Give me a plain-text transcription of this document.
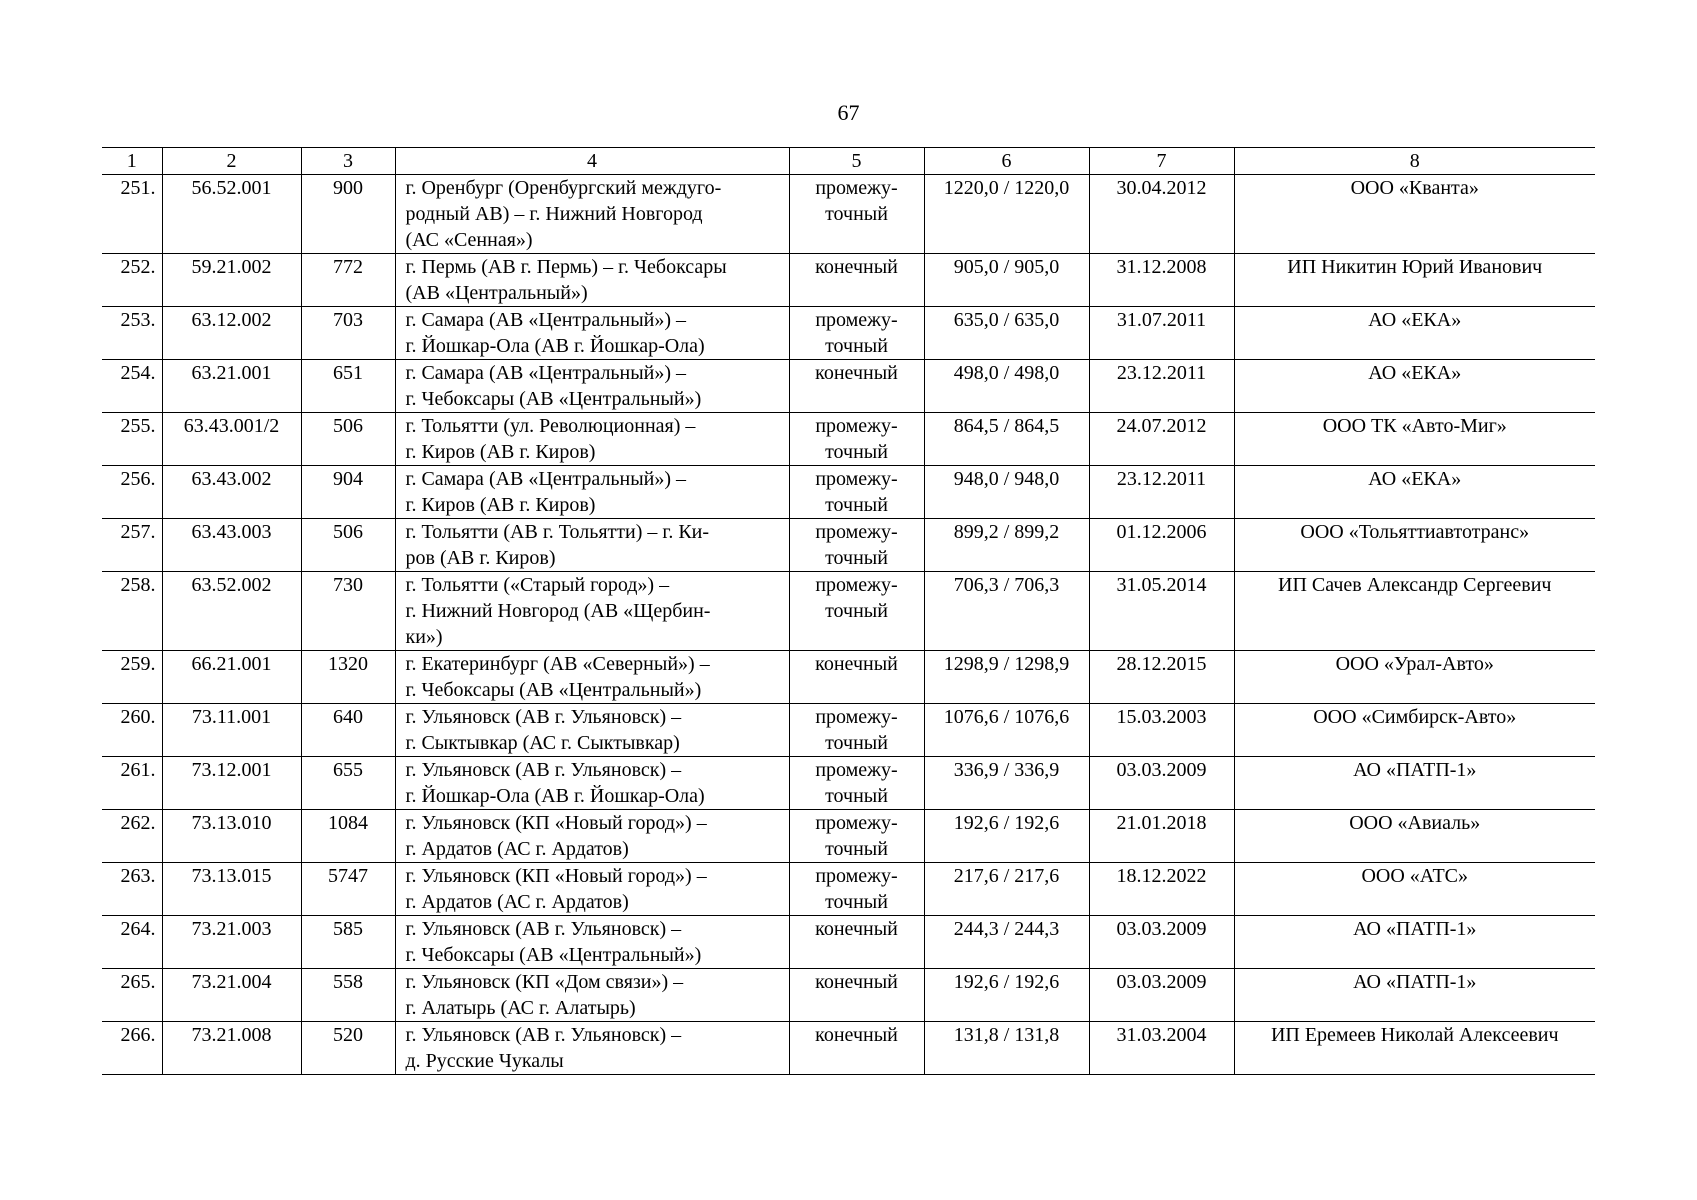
67
1	2	3	4	5	6	7	8
251.	56.52.001	900	г. Оренбург (Оренбургский междуго-
родный АВ) – г. Нижний Новгород
(АС «Сенная»)	промежу-
точный	1220,0 / 1220,0	30.04.2012	ООО «Кванта»
252.	59.21.002	772	г. Пермь (АВ г. Пермь) – г. Чебоксары
(АВ «Центральный»)	конечный	905,0 / 905,0	31.12.2008	ИП Никитин Юрий Иванович
253.	63.12.002	703	г. Самара (АВ «Центральный») –
г. Йошкар-Ола (АВ г. Йошкар-Ола)	промежу-
точный	635,0 / 635,0	31.07.2011	АО «ЕКА»
254.	63.21.001	651	г. Самара (АВ «Центральный») –
г. Чебоксары (АВ «Центральный»)	конечный	498,0 / 498,0	23.12.2011	АО «ЕКА»
255.	63.43.001/2	506	г. Тольятти (ул. Революционная) –
г. Киров (АВ г. Киров)	промежу-
точный	864,5 / 864,5	24.07.2012	ООО ТК «Авто-Миг»
256.	63.43.002	904	г. Самара (АВ «Центральный») –
г. Киров (АВ г. Киров)	промежу-
точный	948,0 / 948,0	23.12.2011	АО «ЕКА»
257.	63.43.003	506	г. Тольятти (АВ г. Тольятти) – г. Ки-
ров (АВ г. Киров)	промежу-
точный	899,2 / 899,2	01.12.2006	ООО «Тольяттиавтотранс»
258.	63.52.002	730	г. Тольятти («Старый город») –
г. Нижний Новгород (АВ «Щербин-
ки»)	промежу-
точный	706,3 / 706,3	31.05.2014	ИП Сачев Александр Сергеевич
259.	66.21.001	1320	г. Екатеринбург (АВ «Северный») –
г. Чебоксары (АВ «Центральный»)	конечный	1298,9 / 1298,9	28.12.2015	ООО «Урал-Авто»
260.	73.11.001	640	г. Ульяновск (АВ г. Ульяновск) –
г. Сыктывкар (АС г. Сыктывкар)	промежу-
точный	1076,6 / 1076,6	15.03.2003	ООО «Симбирск-Авто»
261.	73.12.001	655	г. Ульяновск (АВ г. Ульяновск) –
г. Йошкар-Ола (АВ г. Йошкар-Ола)	промежу-
точный	336,9 / 336,9	03.03.2009	АО «ПАТП-1»
262.	73.13.010	1084	г. Ульяновск (КП «Новый город») –
г. Ардатов (АС г. Ардатов)	промежу-
точный	192,6 / 192,6	21.01.2018	ООО «Авиаль»
263.	73.13.015	5747	г. Ульяновск (КП «Новый город») –
г. Ардатов (АС г. Ардатов)	промежу-
точный	217,6 / 217,6	18.12.2022	ООО «АТС»
264.	73.21.003	585	г. Ульяновск (АВ г. Ульяновск) –
г. Чебоксары (АВ «Центральный»)	конечный	244,3 / 244,3	03.03.2009	АО «ПАТП-1»
265.	73.21.004	558	г. Ульяновск (КП «Дом связи») –
г. Алатырь (АС г. Алатырь)	конечный	192,6 / 192,6	03.03.2009	АО «ПАТП-1»
266.	73.21.008	520	г. Ульяновск (АВ г. Ульяновск) –
д. Русские Чукалы	конечный	131,8 / 131,8	31.03.2004	ИП Еремеев Николай Алексеевич
